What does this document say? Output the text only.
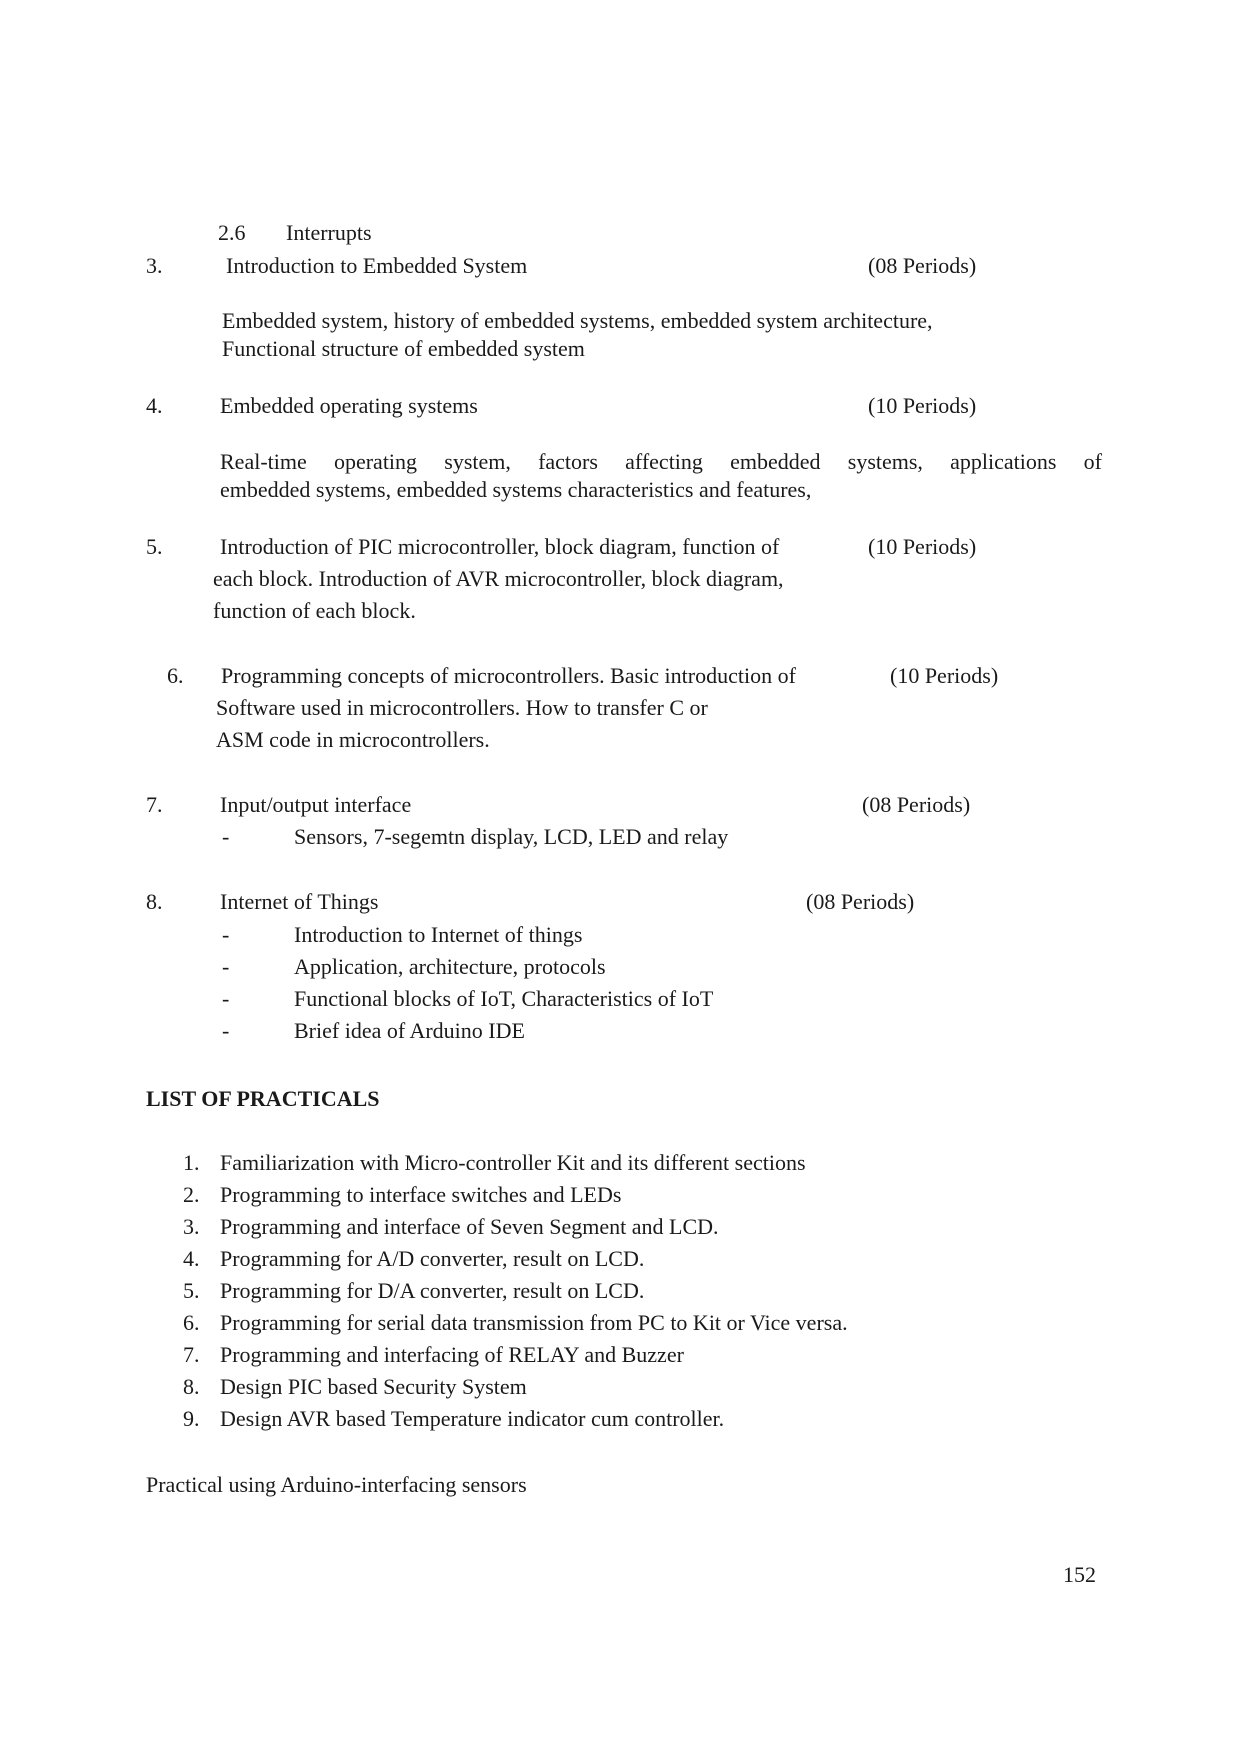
2.6 Interrupts
3.	Introduction to Embedded System	(08 Periods)
Embedded system, history of embedded systems, embedded system architecture,
Functional structure of embedded system
4.	Embedded operating systems	(10 Periods)
Real-time operating system, factors affecting embedded systems, applications of
embedded systems, embedded systems characteristics and features,
5.	Introduction of PIC microcontroller, block diagram, function of	(10 Periods)
each block. Introduction of AVR microcontroller, block diagram,
function of each block.
6. Programming concepts of microcontrollers. Basic introduction of	(10 Periods)
Software used in microcontrollers. How to transfer C or
ASM code in microcontrollers.
7.	Input/output interface	(08 Periods)
-	Sensors, 7-segemtn display, LCD, LED and relay
8.	Internet of Things	(08 Periods)
-	Introduction to Internet of things
-	Application, architecture, protocols
-	Functional blocks of IoT, Characteristics of IoT
-	Brief idea of Arduino IDE
LIST OF PRACTICALS
1. Familiarization with Micro-controller Kit and its different sections
2. Programming to interface switches and LEDs
3. Programming and interface of Seven Segment and LCD.
4. Programming for A/D converter, result on LCD.
5. Programming for D/A converter, result on LCD.
6. Programming for serial data transmission from PC to Kit or Vice versa.
7. Programming and interfacing of RELAY and Buzzer
8. Design PIC based Security System
9. Design AVR based Temperature indicator cum controller.
Practical using Arduino-interfacing sensors
152
